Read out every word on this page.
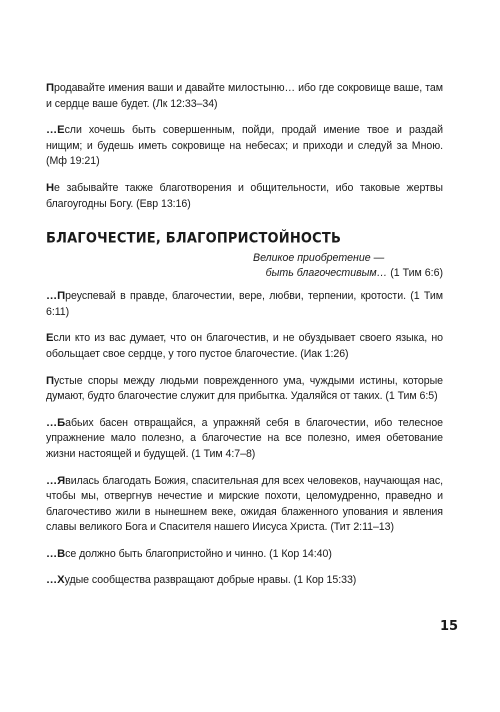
Продавайте имения ваши и давайте милостыню… ибо где сокровище ваше, там и сердце ваше будет. (Лк 12:33–34)

…Если хочешь быть совершенным, пойди, продай имение твое и раздай нищим; и будешь иметь сокровище на небесах; и приходи и следуй за Мною. (Мф 19:21)

Не забывайте также благотворения и общительности, ибо таковые жертвы благоугодны Богу. (Евр 13:16)

БЛАГОЧЕСТИЕ, БЛАГОПРИСТОЙНОСТЬ
Великое приобретение —
быть благочестивым… (1 Тим 6:6)

…Преуспевай в правде, благочестии, вере, любви, терпении, кротости. (1 Тим 6:11)

Если кто из вас думает, что он благочестив, и не обуздывает своего языка, но обольщает свое сердце, у того пустое благочестие. (Иак 1:26)

Пустые споры между людьми поврежденного ума, чуждыми истины, которые думают, будто благочестие служит для прибытка. Удаляйся от таких. (1 Тим 6:5)

…Бабьих басен отвращайся, а упражняй себя в благочестии, ибо телесное упражнение мало полезно, а благочестие на все полезно, имея обетование жизни настоящей и будущей. (1 Тим 4:7–8)

…Явилась благодать Божия, спасительная для всех человеков, научающая нас, чтобы мы, отвергнув нечестие и мирские похоти, целомудренно, праведно и благочестиво жили в нынешнем веке, ожидая блаженного упования и явления славы великого Бога и Спасителя нашего Иисуса Христа. (Тит 2:11–13)

…Все должно быть благопристойно и чинно. (1 Кор 14:40)

…Худые сообщества развращают добрые нравы. (1 Кор 15:33)

15
